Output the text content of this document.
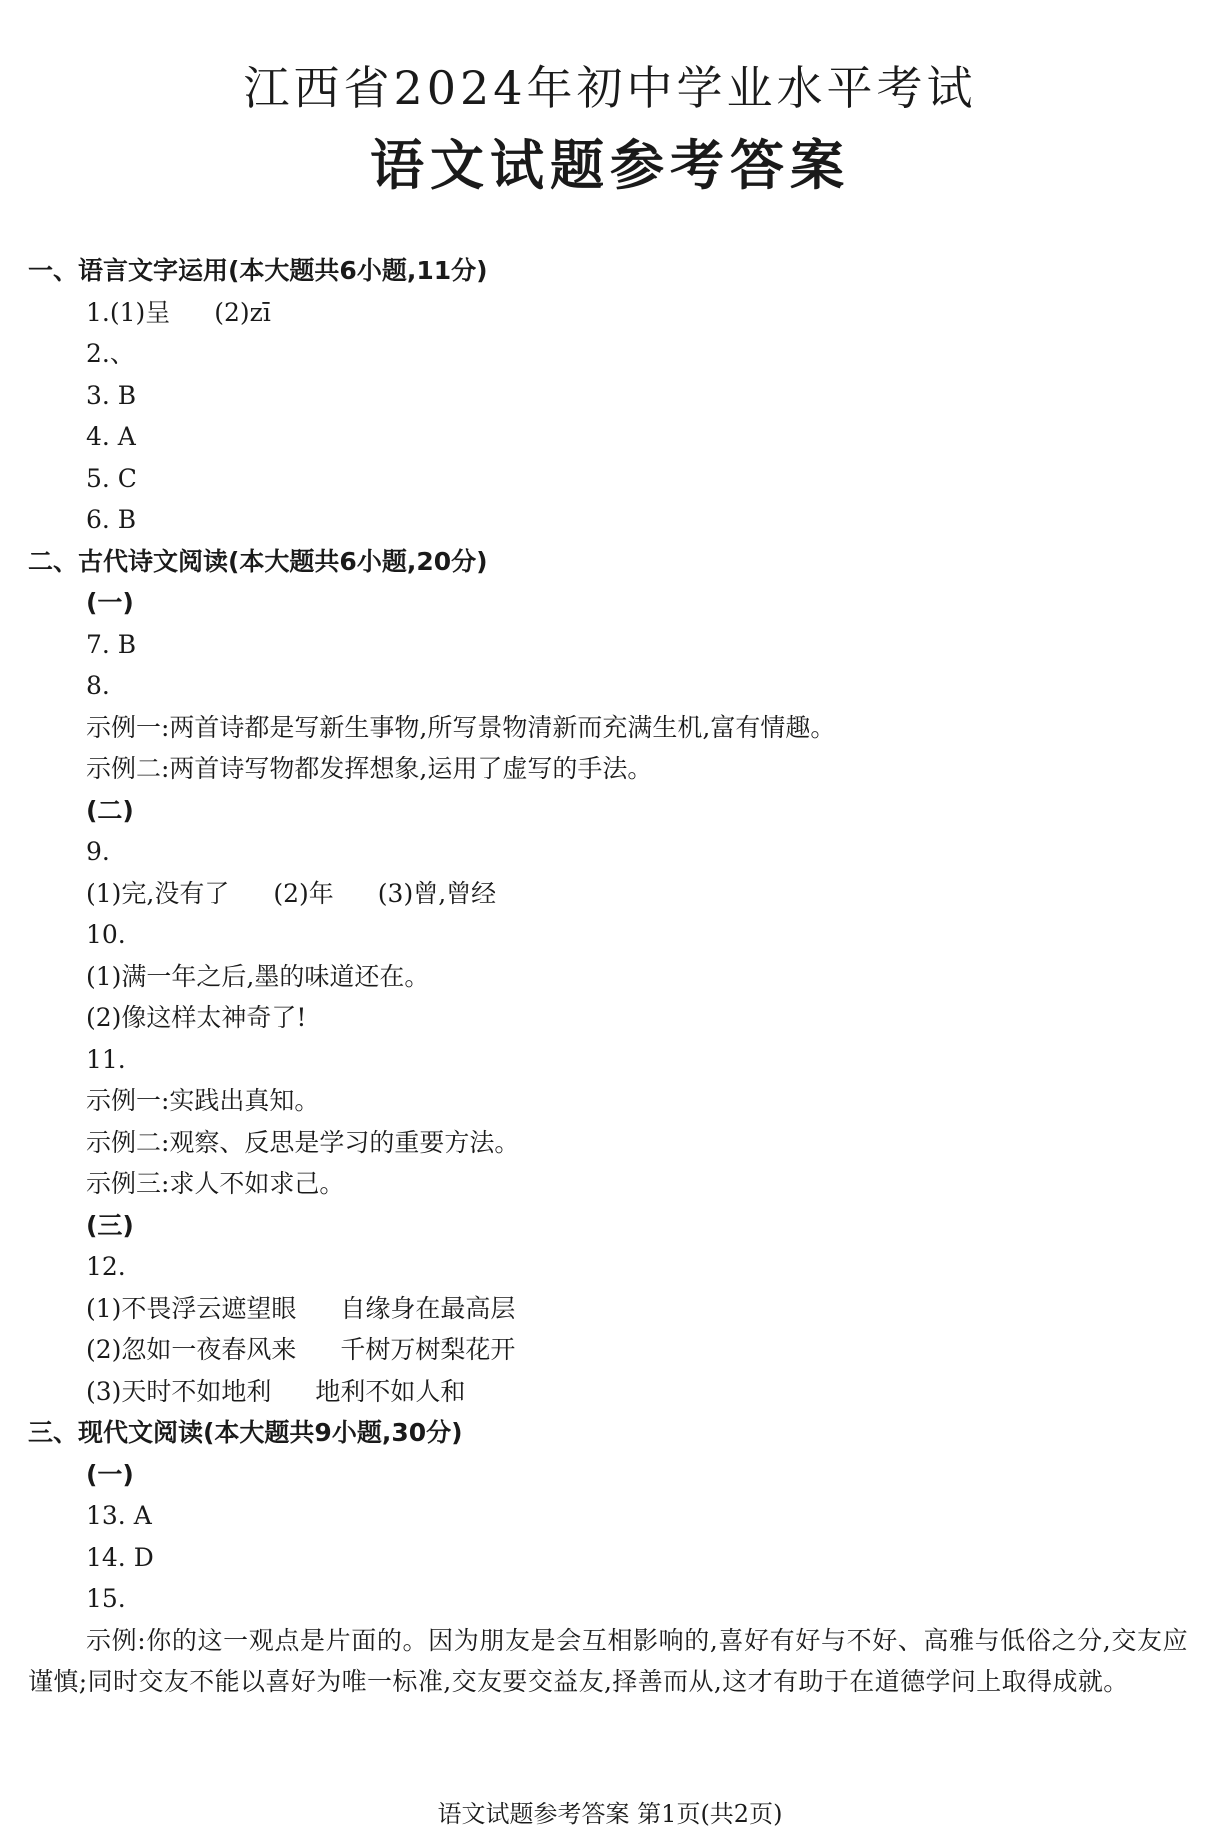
江西省2024年初中学业水平考试
语文试题参考答案
一、语言文字运用(本大题共6小题,11分)
1.(1)呈 (2)zī
2.、
3. B
4. A
5. C
6. B
二、古代诗文阅读(本大题共6小题,20分)
(一)
7. B
8.
示例一:两首诗都是写新生事物,所写景物清新而充满生机,富有情趣。
示例二:两首诗写物都发挥想象,运用了虚写的手法。
(二)
9.
(1)完,没有了 (2)年 (3)曾,曾经
10.
(1)满一年之后,墨的味道还在。
(2)像这样太神奇了!
11.
示例一:实践出真知。
示例二:观察、反思是学习的重要方法。
示例三:求人不如求己。
(三)
12.
(1)不畏浮云遮望眼 自缘身在最高层
(2)忽如一夜春风来 千树万树梨花开
(3)天时不如地利 地利不如人和
三、现代文阅读(本大题共9小题,30分)
(一)
13. A
14. D
15.

示例:你的这一观点是片面的。因为朋友是会互相影响的,喜好有好与不好、高雅与低俗之分,交友应谨慎;同时交友不能以喜好为唯一标准,交友要交益友,择善而从,这才有助于在道德学问上取得成就。

语文试题参考答案 第1页(共2页)
